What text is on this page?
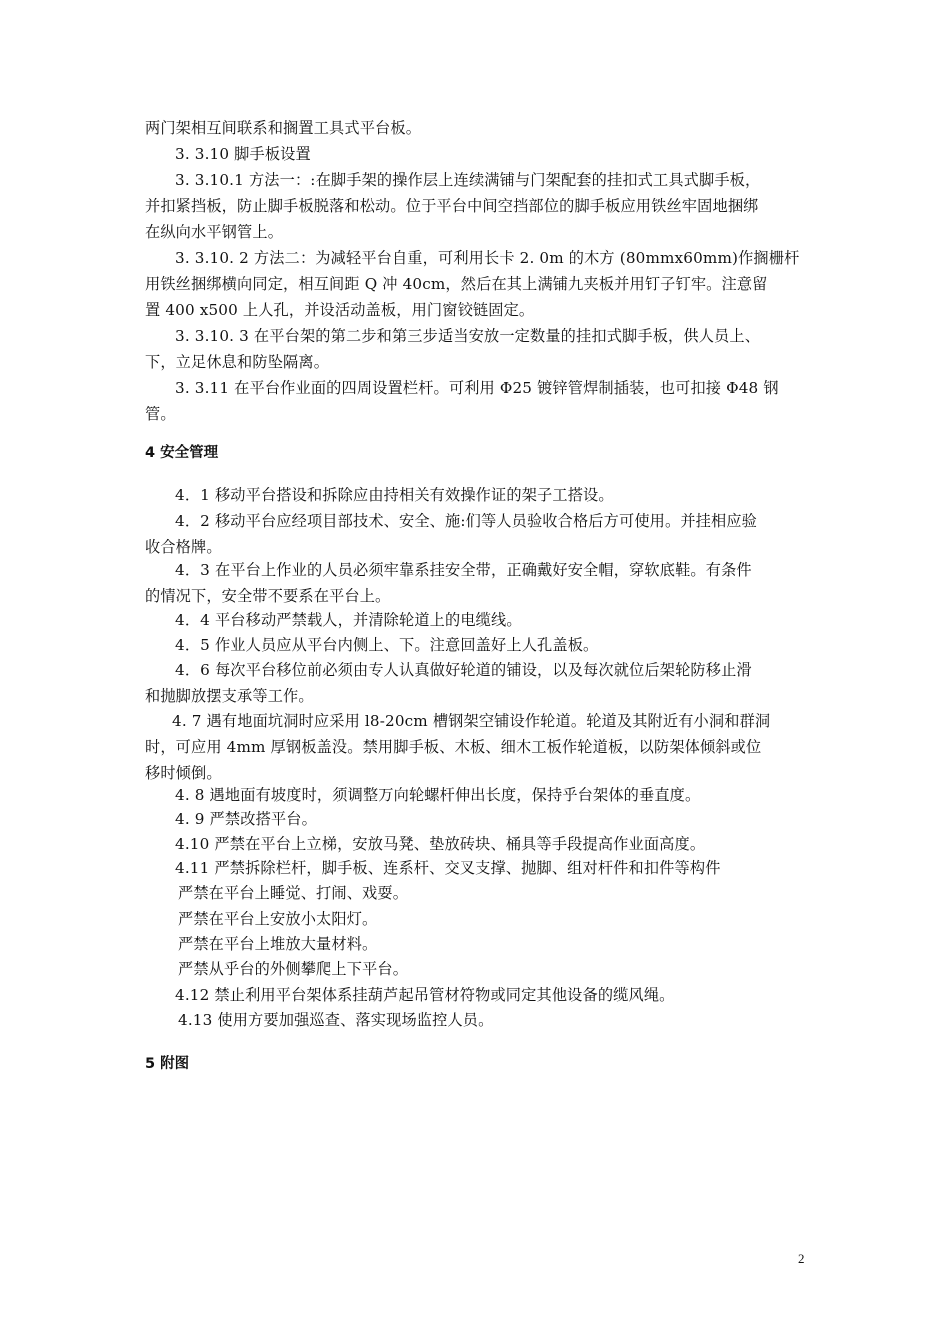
两门架相互间联系和搁置工具式平台板。
3. 3.10 脚手板设置
3. 3.10.1 方法一：:在脚手架的操作层上连续满铺与门架配套的挂扣式工具式脚手板，
并扣紧挡板，防止脚手板脱落和松动。位于平台中间空挡部位的脚手板应用铁丝牢固地捆绑
在纵向水平钢管上。
3. 3.10. 2 方法二：为减轻平台自重，可利用长卡 2. 0m 的木方 (80mmx60mm)作搁栅杆
用铁丝捆绑横向同定，相互间距 Q 冲 40cm，然后在其上满铺九夹板并用钉子钉牢。注意留
置 400 x500 上人孔，并设活动盖板，用门窗铰链固定。
3. 3.10. 3 在平台架的第二步和第三步适当安放一定数量的挂扣式脚手板，供人员上、
下，立足休息和防坠隔离。
3. 3.11 在平台作业面的四周设置栏杆。可利用 Φ25 镀锌管焊制插装，也可扣接 Φ48 钢
管。
4 安全管理
4．1 移动平台搭设和拆除应由持相关有效操作证的架子工搭设。
4．2 移动平台应经项目部技术、安全、施:们等人员验收合格后方可使用。并挂相应验
收合格牌。
4．3 在平台上作业的人员必须牢靠系挂安全带，正确戴好安全帽，穿软底鞋。有条件
的情况下，安全带不要系在平台上。
4．4 平台移动严禁载人，并清除轮道上的电缆线。
4．5 作业人员应从平台内侧上、下。注意回盖好上人孔盖板。
4．6 每次平台移位前必须由专人认真做好轮道的铺设，以及每次就位后架轮防移止滑
和抛脚放摆支承等工作。
4. 7 遇有地面坑洞时应采用 l8-20cm 槽钢架空铺设作轮道。轮道及其附近有小洞和群洞
时，可应用 4mm 厚钢板盖没。禁用脚手板、木板、细木工板作轮道板，以防架体倾斜或位
移时倾倒。
4. 8 遇地面有坡度时，须调整万向轮螺杆伸出长度，保持乎台架体的垂直度。
4. 9 严禁改搭平台。
4.10 严禁在平台上立梯，安放马凳、垫放砖块、桶具等手段提高作业面高度。
4.11 严禁拆除栏杆，脚手板、连系杆、交叉支撑、抛脚、组对杆件和扣件等构件
严禁在平台上睡觉、打闹、戏耍。
严禁在平台上安放小太阳灯。
严禁在平台上堆放大量材料。
严禁从乎台的外侧攀爬上下平台。
4.12 禁止利用平台架体系挂葫芦起吊管材符物或同定其他设备的缆风绳。
4.13 使用方要加强巡查、落实现场监控人员。
5 附图
2
